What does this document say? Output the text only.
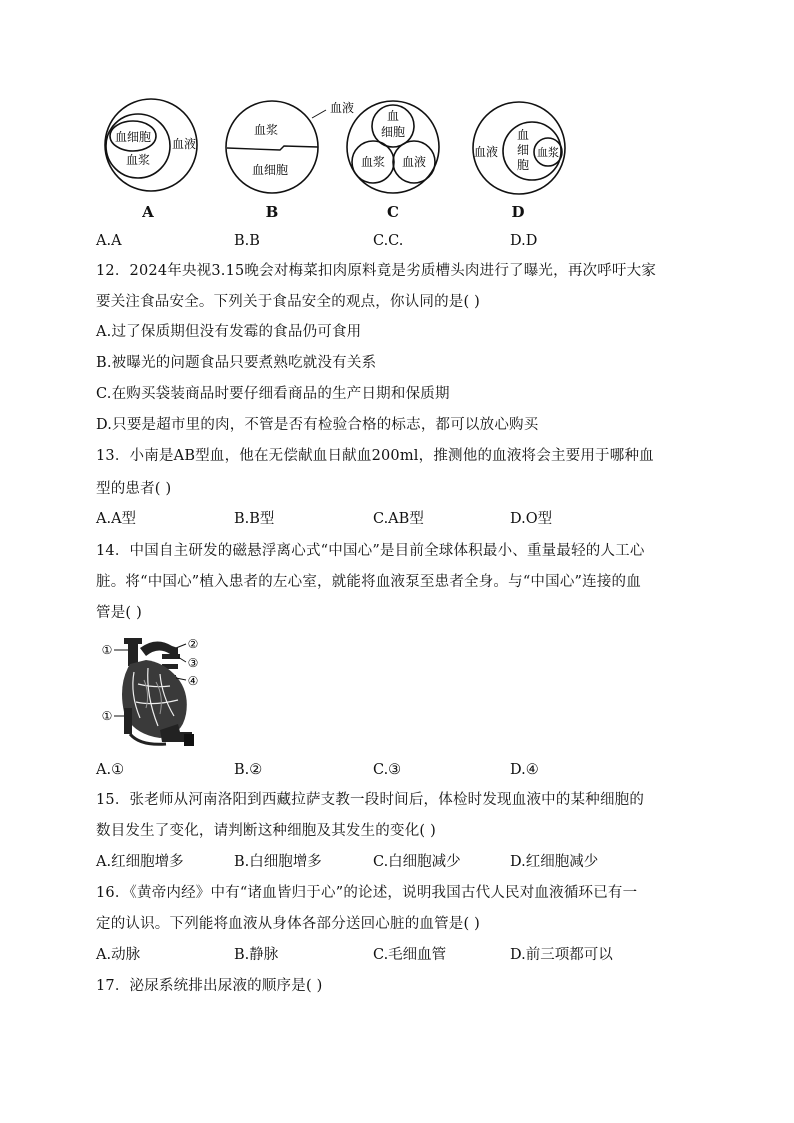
血细胞
血浆
血液
血液
血浆
血细胞
血
细胞
血浆 血液
血液
血
细
胞
血浆
A	B	C	D
A.A	B.B	C.C.	D.D
12．2024年央视3.15晚会对梅菜扣肉原料竟是劣质槽头肉进行了曝光，再次呼吁大家
要关注食品安全。下列关于食品安全的观点，你认同的是( )
A.过了保质期但没有发霉的食品仍可食用
B.被曝光的问题食品只要煮熟吃就没有关系
C.在购买袋装商品时要仔细看商品的生产日期和保质期
D.只要是超市里的肉，不管是否有检验合格的标志，都可以放心购买
13．小南是AB型血，他在无偿献血日献血200ml，推测他的血液将会主要用于哪种血
型的患者( )
A.A型	B.B型	C.AB型	D.O型
14．中国自主研发的磁悬浮离心式“中国心”是目前全球体积最小、重量最轻的人工心
脏。将“中国心”植入患者的左心室，就能将血液泵至患者全身。与“中国心”连接的血
管是( )
①	②
③
④
①
A.①	B.②	C.③	D.④
15．张老师从河南洛阳到西藏拉萨支教一段时间后，体检时发现血液中的某种细胞的
数目发生了变化，请判断这种细胞及其发生的变化( )
A.红细胞增多	B.白细胞增多	C.白细胞减少	D.红细胞减少
16．《黄帝内经》中有“诸血皆归于心”的论述，说明我国古代人民对血液循环已有一
定的认识。下列能将血液从身体各部分送回心脏的血管是( )
A.动脉	B.静脉	C.毛细血管	D.前三项都可以
17．泌尿系统排出尿液的顺序是( )
